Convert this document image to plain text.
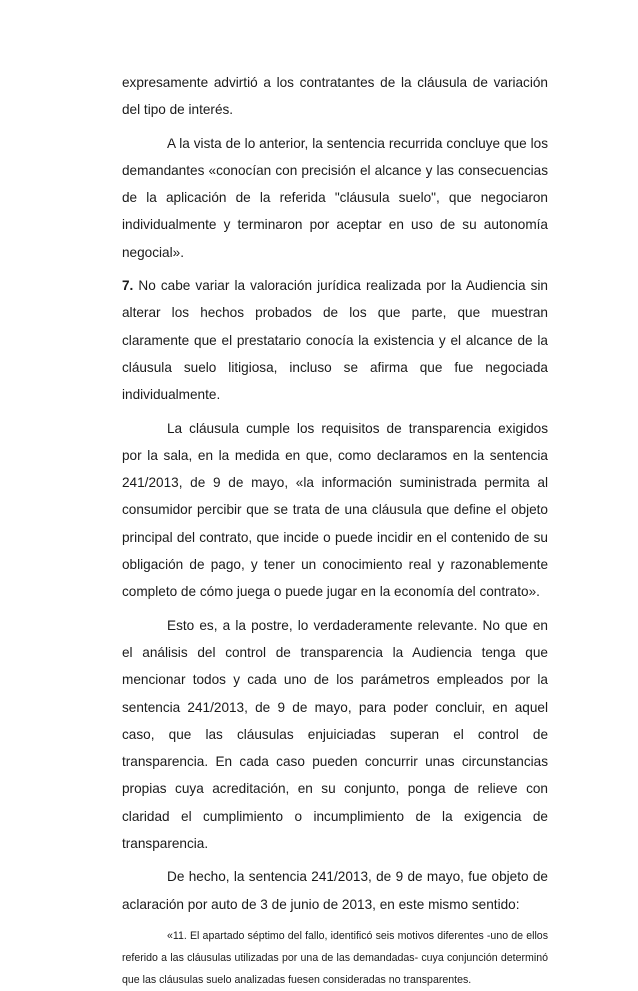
expresamente advirtió a los contratantes de la cláusula de variación del tipo de interés.

A la vista de lo anterior, la sentencia recurrida concluye que los demandantes «conocían con precisión el alcance y las consecuencias de la aplicación de la referida "cláusula suelo", que negociaron individualmente y terminaron por aceptar en uso de su autonomía negocial».

7. No cabe variar la valoración jurídica realizada por la Audiencia sin alterar los hechos probados de los que parte, que muestran claramente que el prestatario conocía la existencia y el alcance de la cláusula suelo litigiosa, incluso se afirma que fue negociada individualmente.

La cláusula cumple los requisitos de transparencia exigidos por la sala, en la medida en que, como declaramos en la sentencia 241/2013, de 9 de mayo, «la información suministrada permita al consumidor percibir que se trata de una cláusula que define el objeto principal del contrato, que incide o puede incidir en el contenido de su obligación de pago, y tener un conocimiento real y razonablemente completo de cómo juega o puede jugar en la economía del contrato».

Esto es, a la postre, lo verdaderamente relevante. No que en el análisis del control de transparencia la Audiencia tenga que mencionar todos y cada uno de los parámetros empleados por la sentencia 241/2013, de 9 de mayo, para poder concluir, en aquel caso, que las cláusulas enjuiciadas superan el control de transparencia. En cada caso pueden concurrir unas circunstancias propias cuya acreditación, en su conjunto, ponga de relieve con claridad el cumplimiento o incumplimiento de la exigencia de transparencia.

De hecho, la sentencia 241/2013, de 9 de mayo, fue objeto de aclaración por auto de 3 de junio de 2013, en este mismo sentido:

«11. El apartado séptimo del fallo, identificó seis motivos diferentes -uno de ellos referido a las cláusulas utilizadas por una de las demandadas- cuya conjunción determinó que las cláusulas suelo analizadas fuesen consideradas no transparentes.
